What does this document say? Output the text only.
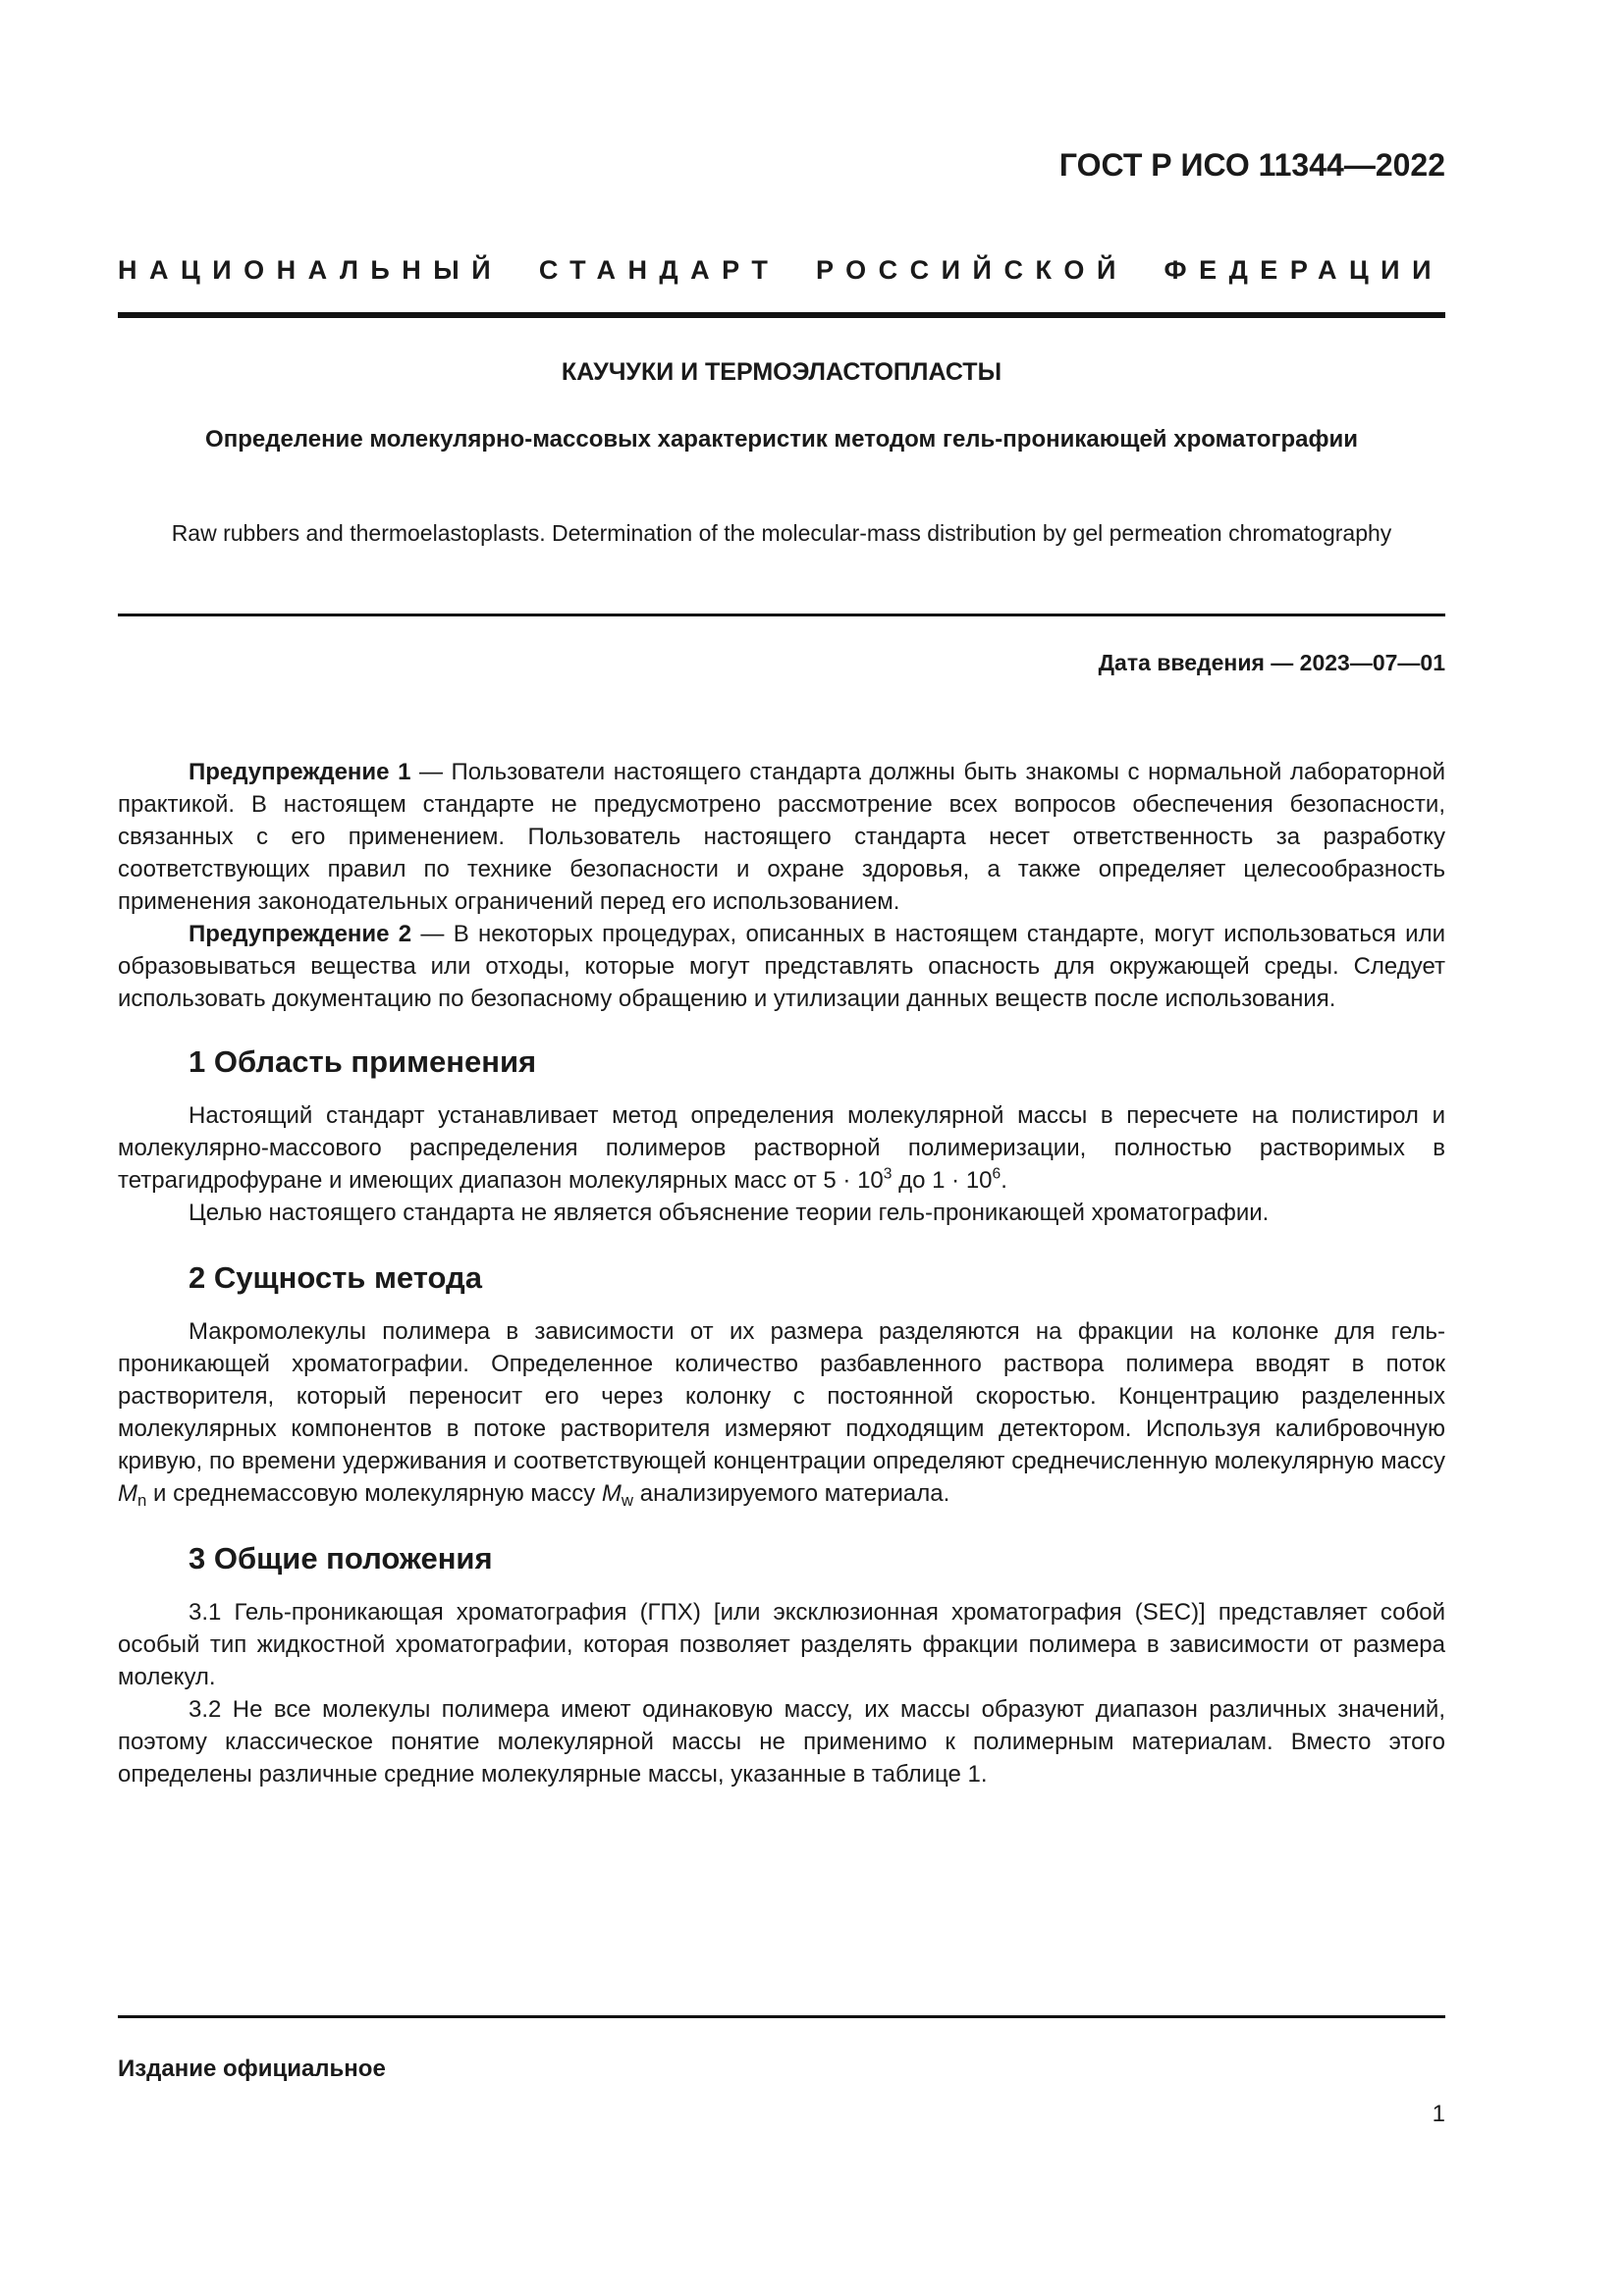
ГОСТ Р ИСО 11344—2022
НАЦИОНАЛЬНЫЙ СТАНДАРТ РОССИЙСКОЙ ФЕДЕРАЦИИ
КАУЧУКИ И ТЕРМОЭЛАСТОПЛАСТЫ
Определение молекулярно-массовых характеристик методом гель-проникающей хроматографии
Raw rubbers and thermoelastoplasts. Determination of the molecular-mass distribution by gel permeation chromatography
Дата введения — 2023—07—01

Предупреждение 1 — Пользователи настоящего стандарта должны быть знакомы с нормальной лабораторной практикой. В настоящем стандарте не предусмотрено рассмотрение всех вопросов обеспечения безопасности, связанных с его применением. Пользователь настоящего стандарта несет ответственность за разработку соответствующих правил по технике безопасности и охране здоровья, а также определяет целесообразность применения законодательных ограничений перед его использованием.

Предупреждение 2 — В некоторых процедурах, описанных в настоящем стандарте, могут использоваться или образовываться вещества или отходы, которые могут представлять опасность для окружающей среды. Следует использовать документацию по безопасному обращению и утилизации данных веществ после использования.

1 Область применения

Настоящий стандарт устанавливает метод определения молекулярной массы в пересчете на полистирол и молекулярно-массового распределения полимеров растворной полимеризации, полностью растворимых в тетрагидрофуране и имеющих диапазон молекулярных масс от $5 \cdot 10^3$ до $1 \cdot 10^6$.

Целью настоящего стандарта не является объяснение теории гель-проникающей хроматографии.

2 Сущность метода

Макромолекулы полимера в зависимости от их размера разделяются на фракции на колонке для гель-проникающей хроматографии. Определенное количество разбавленного раствора полимера вводят в поток растворителя, который переносит его через колонку с постоянной скоростью. Концентрацию разделенных молекулярных компонентов в потоке растворителя измеряют подходящим детектором. Используя калибровочную кривую, по времени удерживания и соответствующей концентрации определяют среднечисленную молекулярную массу $M_n$ и среднемассовую молекулярную массу $M_w$ анализируемого материала.

3 Общие положения

3.1 Гель-проникающая хроматография (ГПХ) [или эксклюзионная хроматография (SEC)] представляет собой особый тип жидкостной хроматографии, которая позволяет разделять фракции полимера в зависимости от размера молекул.

3.2 Не все молекулы полимера имеют одинаковую массу, их массы образуют диапазон различных значений, поэтому классическое понятие молекулярной массы не применимо к полимерным материалам. Вместо этого определены различные средние молекулярные массы, указанные в таблице 1.

Издание официальное
1
